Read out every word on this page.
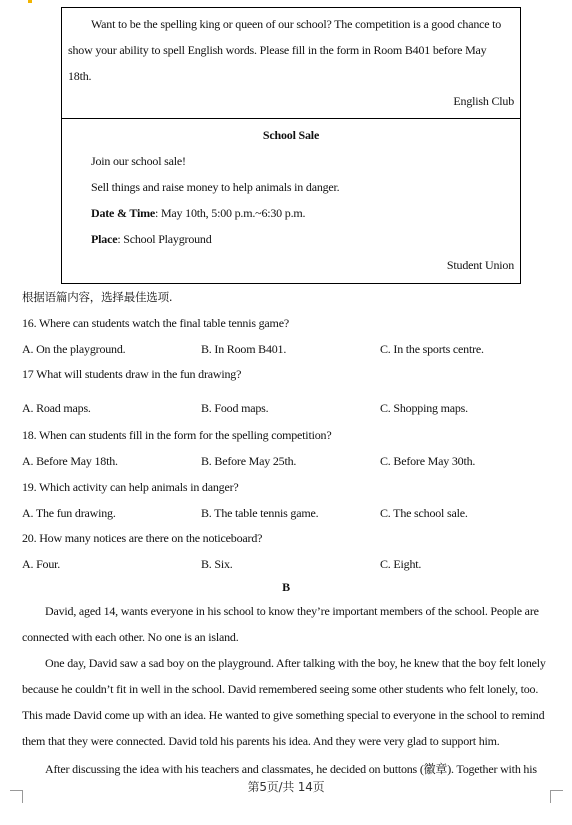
Want to be the spelling king or queen of our school? The competition is a good chance to
show your ability to spell English words. Please fill in the form in Room B401 before May
18th.
English Club
School Sale
Join our school sale!
Sell things and raise money to help animals in danger.
Date & Time: May 10th, 5:00 p.m.~6:30 p.m.
Place: School Playground
Student Union
根据语篇内容，选择最佳选项.
16. Where can students watch the final table tennis game?
A. On the playground.	B. In Room B401.	C. In the sports centre.
17 What will students draw in the fun drawing?
A. Road maps.	B. Food maps.	C. Shopping maps.
18. When can students fill in the form for the spelling competition?
A. Before May 18th.	B. Before May 25th.	C. Before May 30th.
19. Which activity can help animals in danger?
A. The fun drawing.	B. The table tennis game.	C. The school sale.
20. How many notices are there on the noticeboard?
A. Four.	B. Six.	C. Eight.
B
David, aged 14, wants everyone in his school to know they’re important members of the school. People are
connected with each other. No one is an island.
One day, David saw a sad boy on the playground. After talking with the boy, he knew that the boy felt lonely
because he couldn’t fit in well in the school. David remembered seeing some other students who felt lonely, too.
This made David come up with an idea. He wanted to give something special to everyone in the school to remind
them that they were connected. David told his parents his idea. And they were very glad to support him.
After discussing the idea with his teachers and classmates, he decided on buttons (徽章). Together with his
第5页/共 14页
